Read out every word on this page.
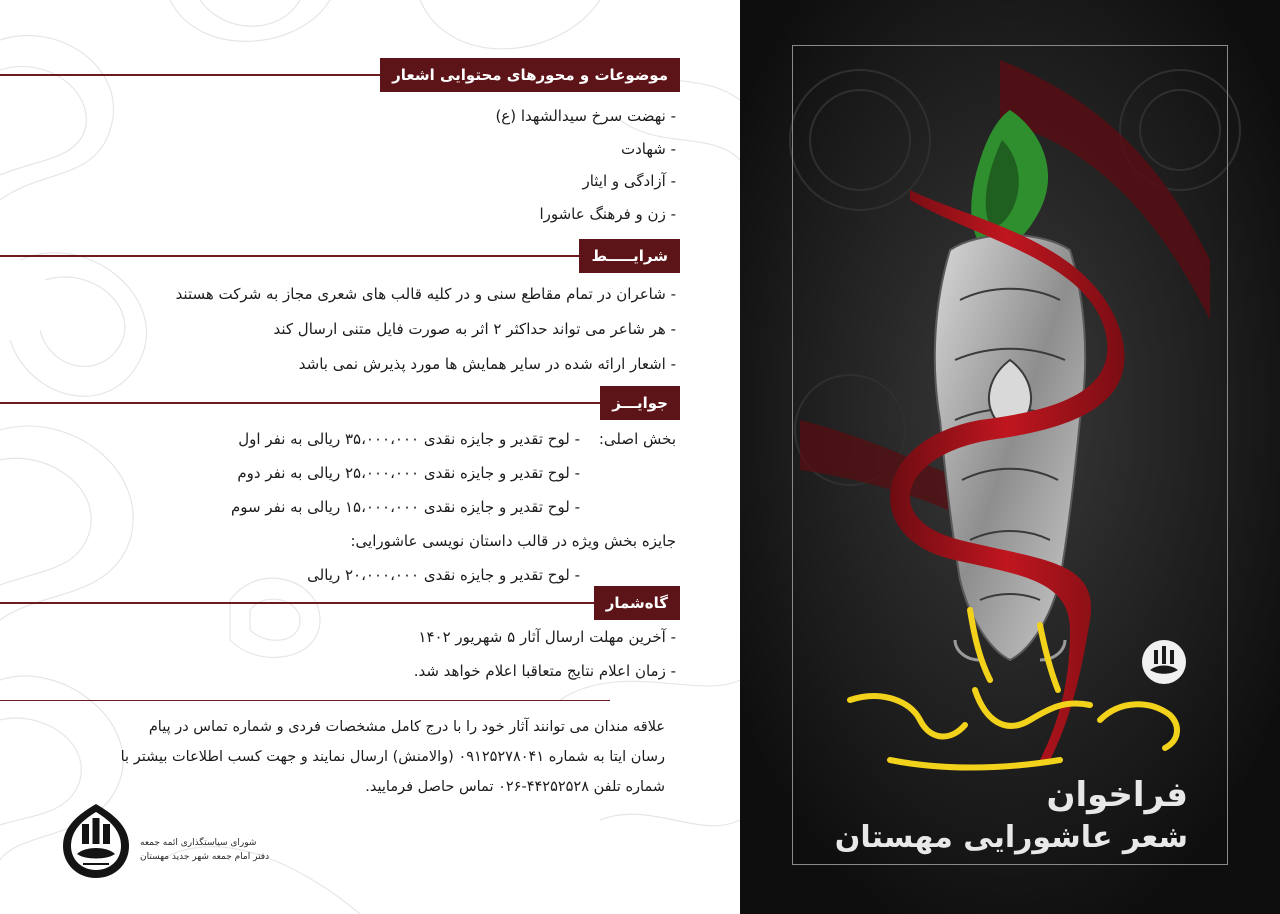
موضوعات و محورهای محتوایی اشعار
- نهضت سرخ سیدالشهدا (ع)
- شهادت
- آزادگی و ایثار
- زن و فرهنگ عاشورا
شرایـــــط
- شاعران در تمام مقاطع سنی و در کلیه قالب های شعری مجاز به شرکت هستند
- هر شاعر می تواند حداکثر ۲ اثر به صورت فایل متنی ارسال کند
- اشعار ارائه شده در سایر همایش ها مورد پذیرش نمی باشد
جوایـــز
بخش اصلی:
- لوح تقدیر و جایزه نقدی ۳۵،۰۰۰،۰۰۰ ریالی به نفر اول
- لوح تقدیر و جایزه نقدی ۲۵،۰۰۰،۰۰۰ ریالی به نفر دوم
- لوح تقدیر و جایزه نقدی ۱۵،۰۰۰،۰۰۰ ریالی به نفر سوم
جایزه بخش ویژه در قالب داستان نویسی عاشورایی:
- لوح تقدیر و جایزه نقدی ۲۰،۰۰۰،۰۰۰ ریالی
گاه‌شمار
- آخرین مهلت ارسال آثار ۵ شهریور ۱۴۰۲
- زمان اعلام نتایج متعاقبا اعلام خواهد شد.
علاقه مندان می توانند آثار خود را با درج کامل مشخصات فردی و شماره تماس در پیام
رسان ایتا به شماره ۰۹۱۲۵۲۷۸۰۴۱ (والامنش) ارسال نمایند و جهت کسب اطلاعات بیشتر با
شماره تلفن ۴۴۲۵۲۵۲۸-۰۲۶ تماس حاصل فرمایید.
شورای سیاستگذاری ائمه جمعه
دفتر امام جمعه شهر جدید مهستان
فراخوان
شعر عاشورایی مهستان
